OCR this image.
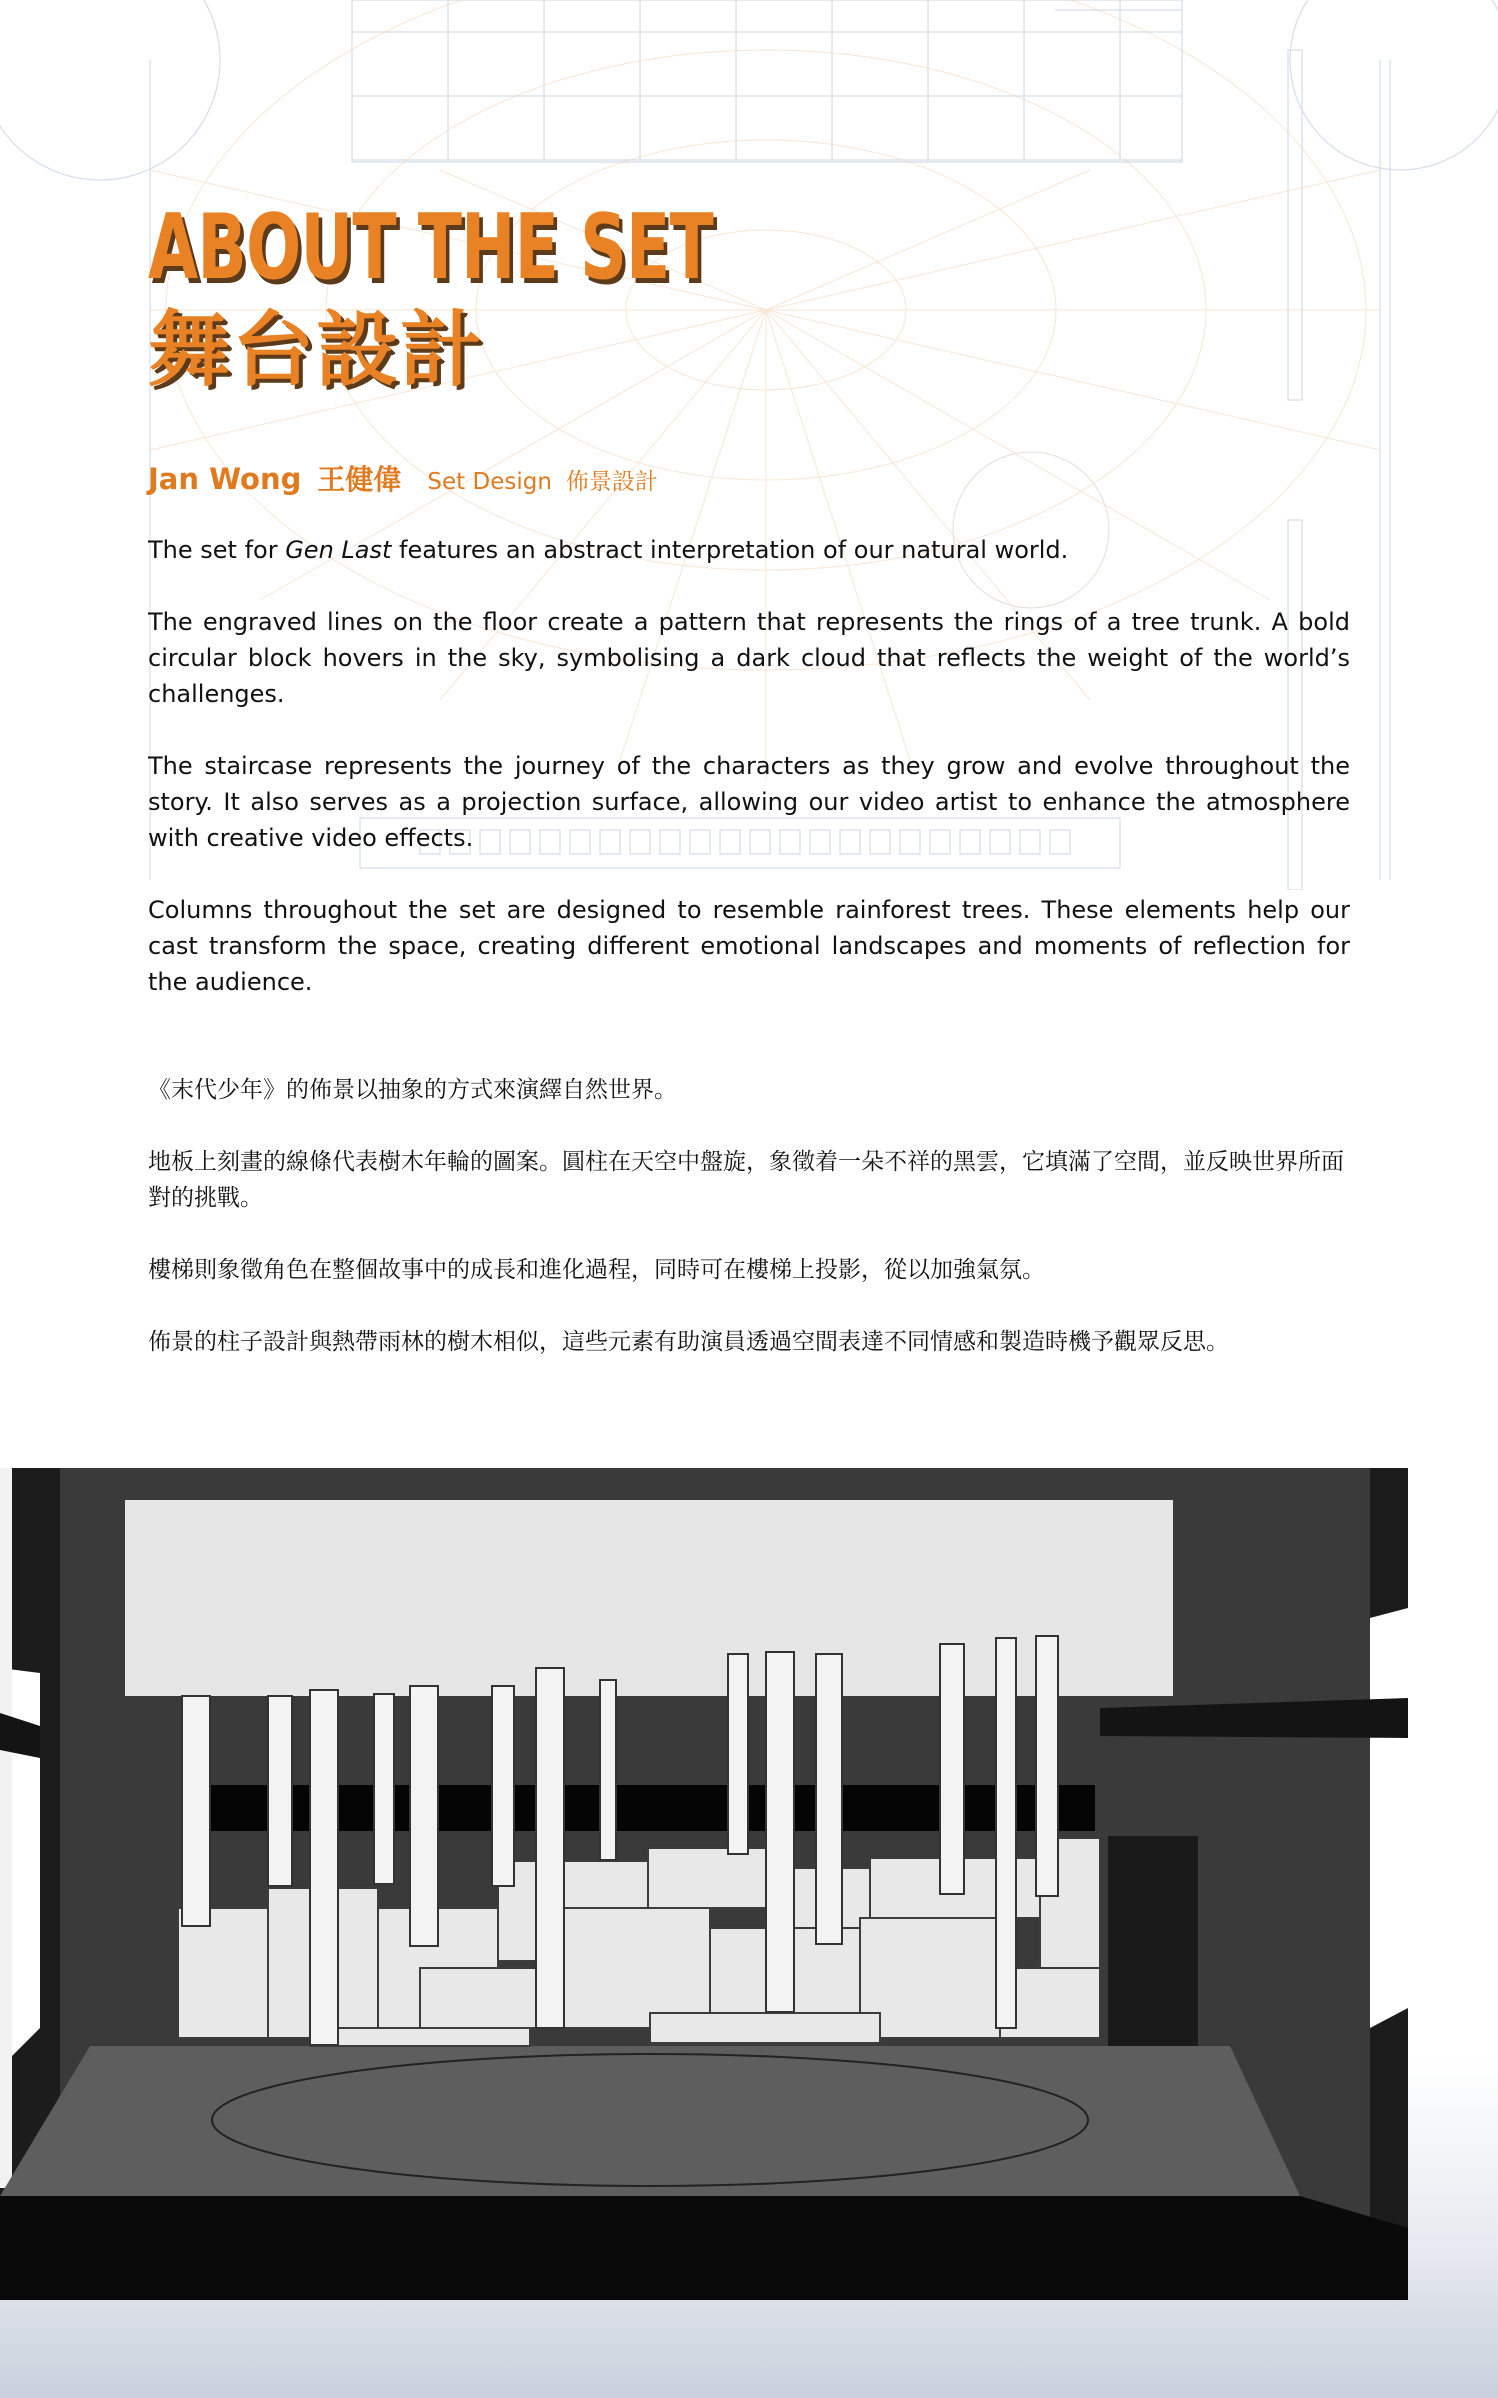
ABOUT THE SET
舞台設計
Jan Wong 王健偉 Set Design 佈景設計

The set for Gen Last features an abstract interpretation of our natural world.

The engraved lines on the floor create a pattern that represents the rings of a tree trunk. A bold circular block hovers in the sky, symbolising a dark cloud that reflects the weight of the world’s challenges.

The staircase represents the journey of the characters as they grow and evolve throughout the story. It also serves as a projection surface, allowing our video artist to enhance the atmosphere with creative video effects.

Columns throughout the set are designed to resemble rainforest trees. These elements help our cast transform the space, creating different emotional landscapes and moments of reflection for the audience.

《末代少年》的佈景以抽象的方式來演繹自然世界。

地板上刻畫的線條代表樹木年輪的圖案。圓柱在天空中盤旋，象徵着一朵不祥的黑雲，它填滿了空間，並反映世界所面對的挑戰。

樓梯則象徵角色在整個故事中的成長和進化過程，同時可在樓梯上投影，從以加強氣氛。

佈景的柱子設計與熱帶雨林的樹木相似，這些元素有助演員透過空間表達不同情感和製造時機予觀眾反思。
